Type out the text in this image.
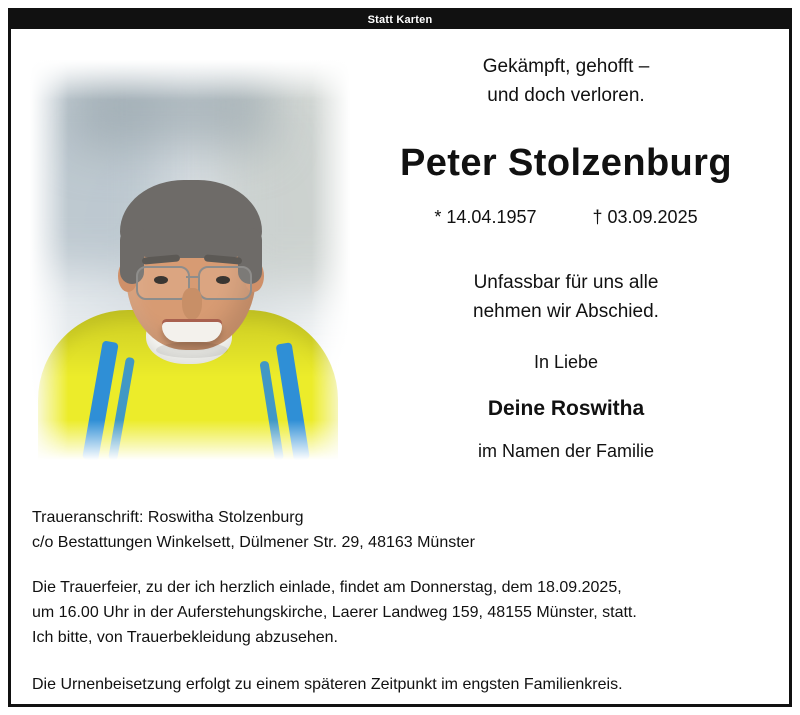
Statt Karten
Gekämpft, gehofft –
und doch verloren.
Peter Stolzenburg
* 14.04.1957	† 03.09.2025
Unfassbar für uns alle
nehmen wir Abschied.
In Liebe
Deine Roswitha
im Namen der Familie
Traueranschrift: Roswitha Stolzenburg
c/o Bestattungen Winkelsett, Dülmener Str. 29, 48163 Münster
Die Trauerfeier, zu der ich herzlich einlade, findet am Donnerstag, dem 18.09.2025,
um 16.00 Uhr in der Auferstehungskirche, Laerer Landweg 159, 48155 Münster, statt.
Ich bitte, von Trauerbekleidung abzusehen.
Die Urnenbeisetzung erfolgt zu einem späteren Zeitpunkt im engsten Familienkreis.
